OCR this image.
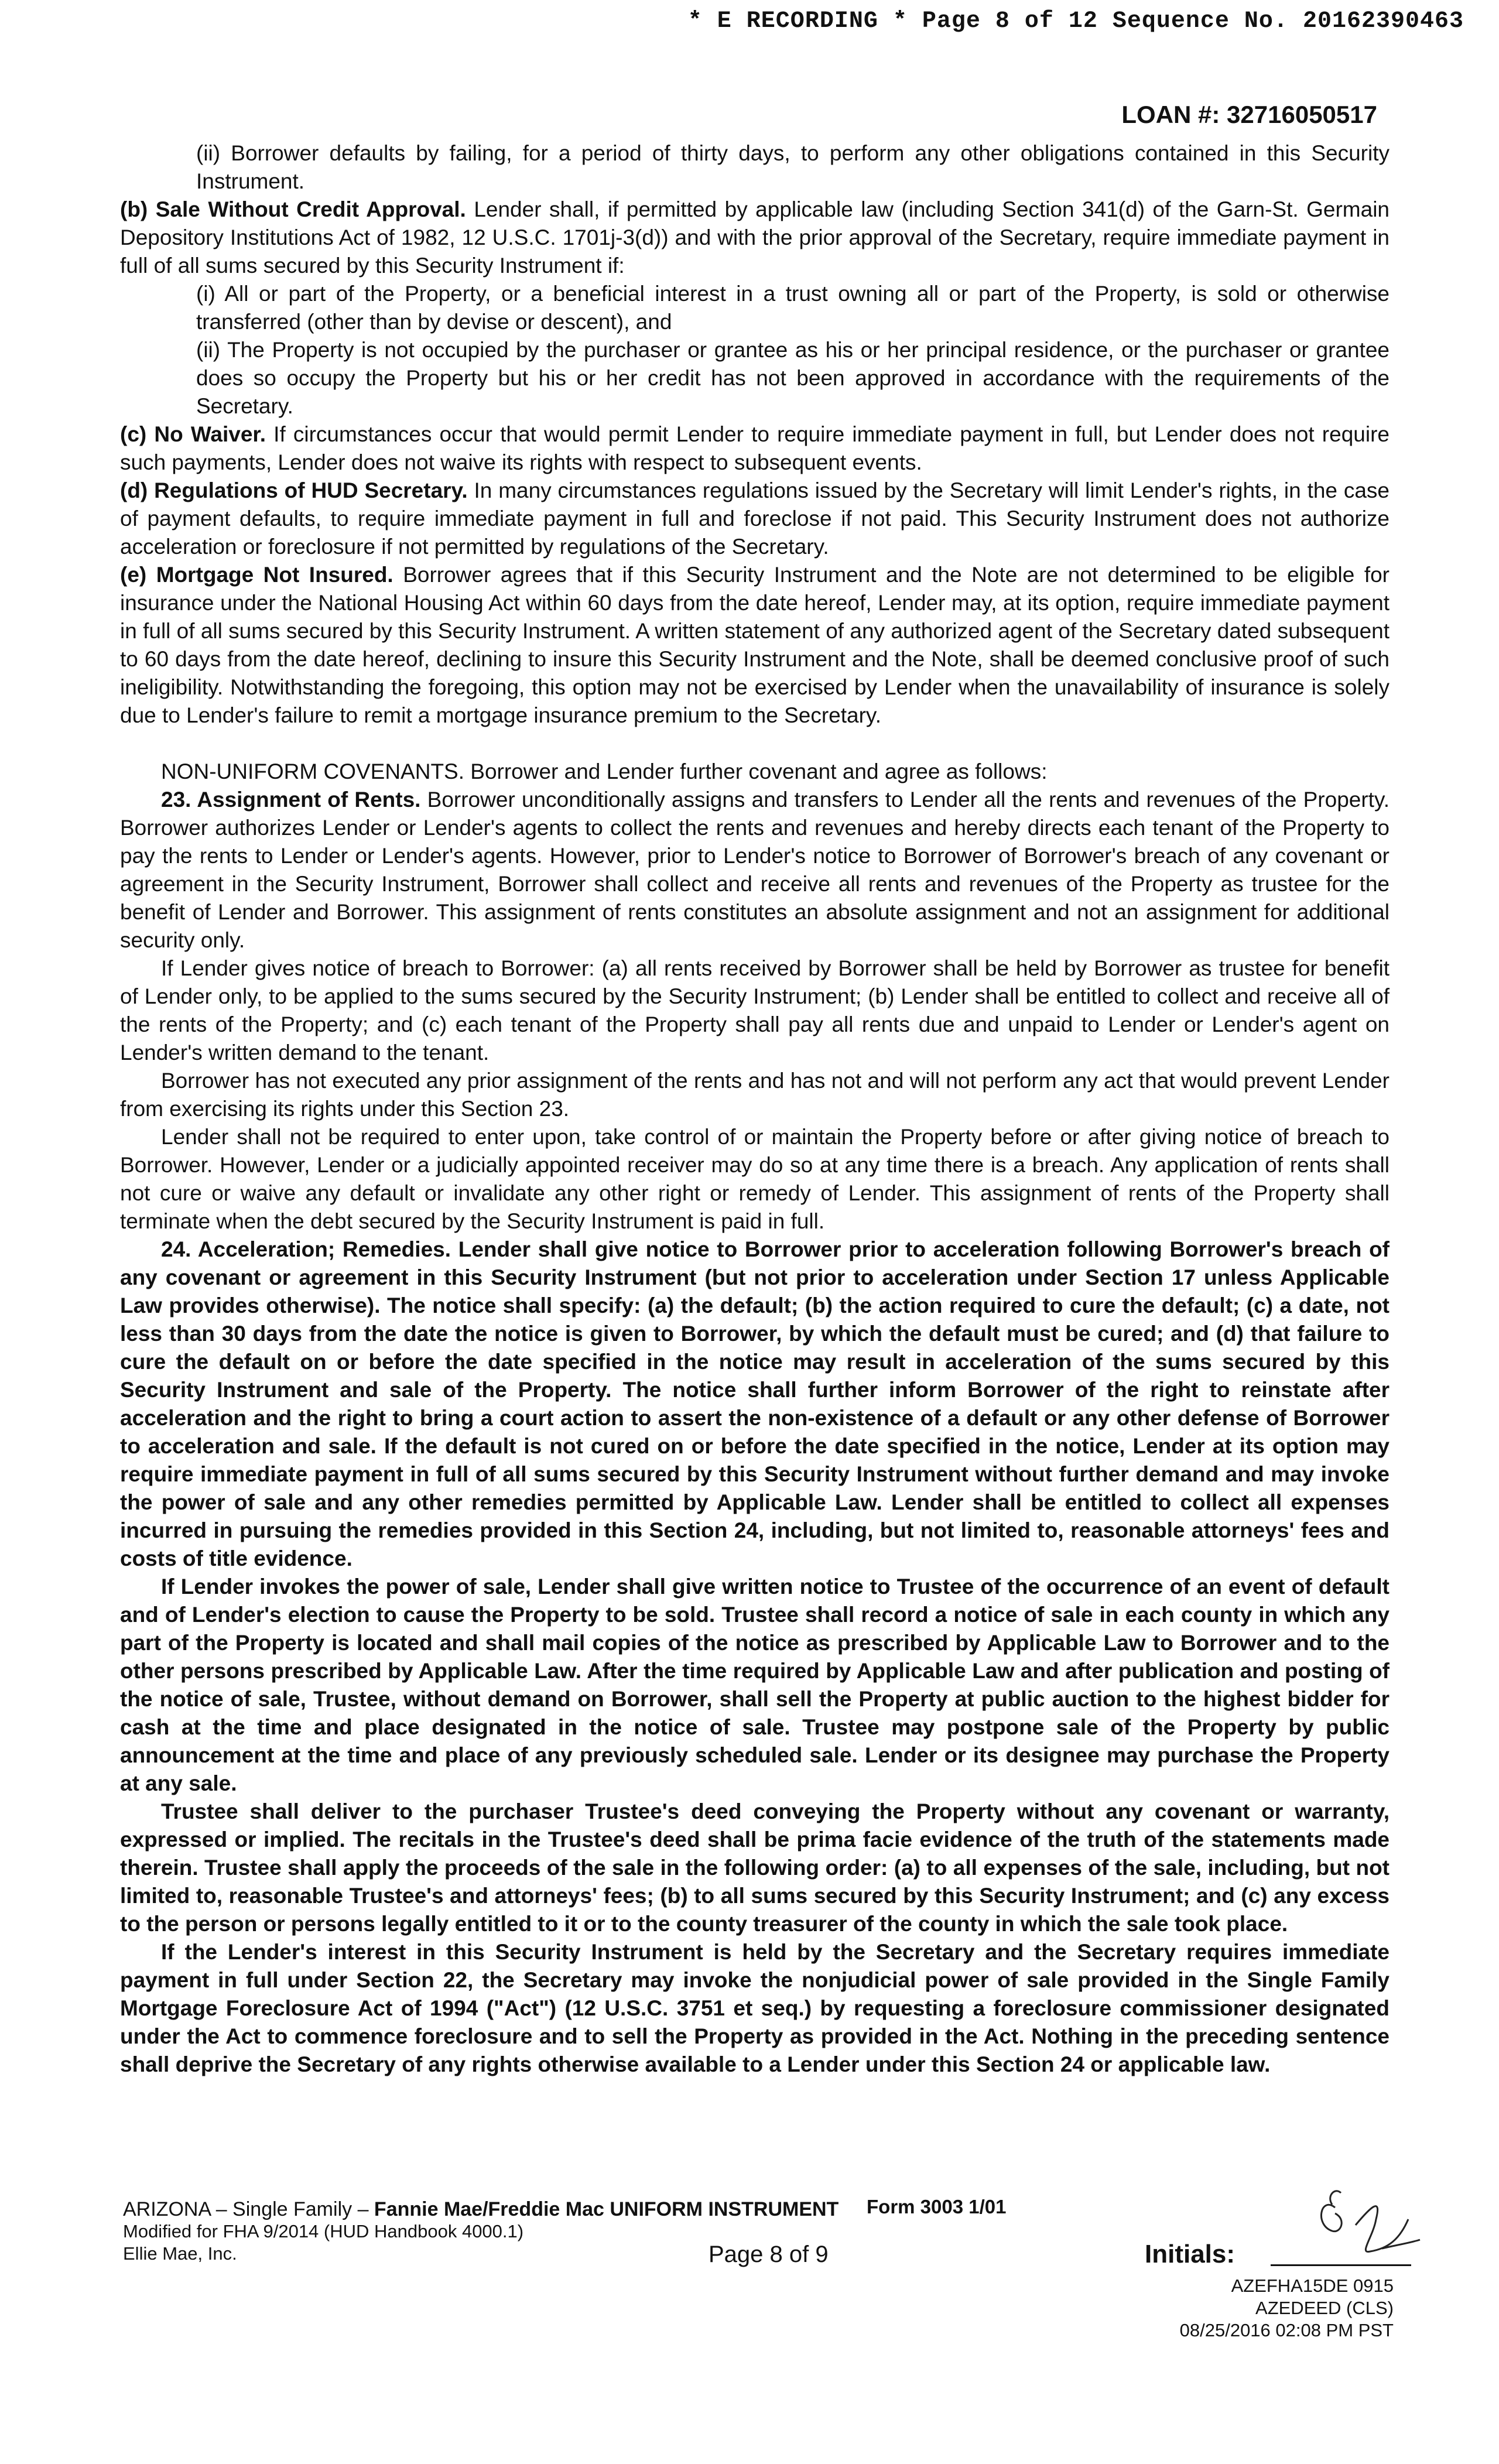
* E RECORDING * Page 8 of 12 Sequence No. 20162390463
LOAN #: 32716050517

(ii) Borrower defaults by failing, for a period of thirty days, to perform any other obligations contained in this Security Instrument.

(b) Sale Without Credit Approval. Lender shall, if permitted by applicable law (including Section 341(d) of the Garn-St. Germain Depository Institutions Act of 1982, 12 U.S.C. 1701j-3(d)) and with the prior approval of the Secretary, require immediate payment in full of all sums secured by this Security Instrument if:

(i) All or part of the Property, or a beneficial interest in a trust owning all or part of the Property, is sold or otherwise transferred (other than by devise or descent), and

(ii) The Property is not occupied by the purchaser or grantee as his or her principal residence, or the purchaser or grantee does so occupy the Property but his or her credit has not been approved in accordance with the requirements of the Secretary.

(c) No Waiver. If circumstances occur that would permit Lender to require immediate payment in full, but Lender does not require such payments, Lender does not waive its rights with respect to subsequent events.

(d) Regulations of HUD Secretary. In many circumstances regulations issued by the Secretary will limit Lender's rights, in the case of payment defaults, to require immediate payment in full and foreclose if not paid. This Security Instrument does not authorize acceleration or foreclosure if not permitted by regulations of the Secretary.

(e) Mortgage Not Insured. Borrower agrees that if this Security Instrument and the Note are not determined to be eligible for insurance under the National Housing Act within 60 days from the date hereof, Lender may, at its option, require immediate payment in full of all sums secured by this Security Instrument. A written statement of any authorized agent of the Secretary dated subsequent to 60 days from the date hereof, declining to insure this Security Instrument and the Note, shall be deemed conclusive proof of such ineligibility. Notwithstanding the foregoing, this option may not be exercised by Lender when the unavailability of insurance is solely due to Lender's failure to remit a mortgage insurance premium to the Secretary.

NON-UNIFORM COVENANTS. Borrower and Lender further covenant and agree as follows:

23. Assignment of Rents. Borrower unconditionally assigns and transfers to Lender all the rents and revenues of the Property. Borrower authorizes Lender or Lender's agents to collect the rents and revenues and hereby directs each tenant of the Property to pay the rents to Lender or Lender's agents. However, prior to Lender's notice to Borrower of Borrower's breach of any covenant or agreement in the Security Instrument, Borrower shall collect and receive all rents and revenues of the Property as trustee for the benefit of Lender and Borrower. This assignment of rents constitutes an absolute assignment and not an assignment for additional security only.

If Lender gives notice of breach to Borrower: (a) all rents received by Borrower shall be held by Borrower as trustee for benefit of Lender only, to be applied to the sums secured by the Security Instrument; (b) Lender shall be entitled to collect and receive all of the rents of the Property; and (c) each tenant of the Property shall pay all rents due and unpaid to Lender or Lender's agent on Lender's written demand to the tenant.

Borrower has not executed any prior assignment of the rents and has not and will not perform any act that would prevent Lender from exercising its rights under this Section 23.

Lender shall not be required to enter upon, take control of or maintain the Property before or after giving notice of breach to Borrower. However, Lender or a judicially appointed receiver may do so at any time there is a breach. Any application of rents shall not cure or waive any default or invalidate any other right or remedy of Lender. This assignment of rents of the Property shall terminate when the debt secured by the Security Instrument is paid in full.

24. Acceleration; Remedies. Lender shall give notice to Borrower prior to acceleration following Borrower's breach of any covenant or agreement in this Security Instrument (but not prior to acceleration under Section 17 unless Applicable Law provides otherwise). The notice shall specify: (a) the default; (b) the action required to cure the default; (c) a date, not less than 30 days from the date the notice is given to Borrower, by which the default must be cured; and (d) that failure to cure the default on or before the date specified in the notice may result in acceleration of the sums secured by this Security Instrument and sale of the Property. The notice shall further inform Borrower of the right to reinstate after acceleration and the right to bring a court action to assert the non-existence of a default or any other defense of Borrower to acceleration and sale. If the default is not cured on or before the date specified in the notice, Lender at its option may require immediate payment in full of all sums secured by this Security Instrument without further demand and may invoke the power of sale and any other remedies permitted by Applicable Law. Lender shall be entitled to collect all expenses incurred in pursuing the remedies provided in this Section 24, including, but not limited to, reasonable attorneys' fees and costs of title evidence.

If Lender invokes the power of sale, Lender shall give written notice to Trustee of the occurrence of an event of default and of Lender's election to cause the Property to be sold. Trustee shall record a notice of sale in each county in which any part of the Property is located and shall mail copies of the notice as prescribed by Applicable Law to Borrower and to the other persons prescribed by Applicable Law. After the time required by Applicable Law and after publication and posting of the notice of sale, Trustee, without demand on Borrower, shall sell the Property at public auction to the highest bidder for cash at the time and place designated in the notice of sale. Trustee may postpone sale of the Property by public announcement at the time and place of any previously scheduled sale. Lender or its designee may purchase the Property at any sale.

Trustee shall deliver to the purchaser Trustee's deed conveying the Property without any covenant or warranty, expressed or implied. The recitals in the Trustee's deed shall be prima facie evidence of the truth of the statements made therein. Trustee shall apply the proceeds of the sale in the following order: (a) to all expenses of the sale, including, but not limited to, reasonable Trustee's and attorneys' fees; (b) to all sums secured by this Security Instrument; and (c) any excess to the person or persons legally entitled to it or to the county treasurer of the county in which the sale took place.

If the Lender's interest in this Security Instrument is held by the Secretary and the Secretary requires immediate payment in full under Section 22, the Secretary may invoke the nonjudicial power of sale provided in the Single Family Mortgage Foreclosure Act of 1994 ("Act") (12 U.S.C. 3751 et seq.) by requesting a foreclosure commissioner designated under the Act to commence foreclosure and to sell the Property as provided in the Act. Nothing in the preceding sentence shall deprive the Secretary of any rights otherwise available to a Lender under this Section 24 or applicable law.

ARIZONA – Single Family – Fannie Mae/Freddie Mac UNIFORM INSTRUMENT
Modified for FHA 9/2014 (HUD Handbook 4000.1)
Ellie Mae, Inc.
Form 3003 1/01
Page 8 of 9	Initials:
AZEFHA15DE 0915
AZEDEED (CLS)
08/25/2016 02:08 PM PST
